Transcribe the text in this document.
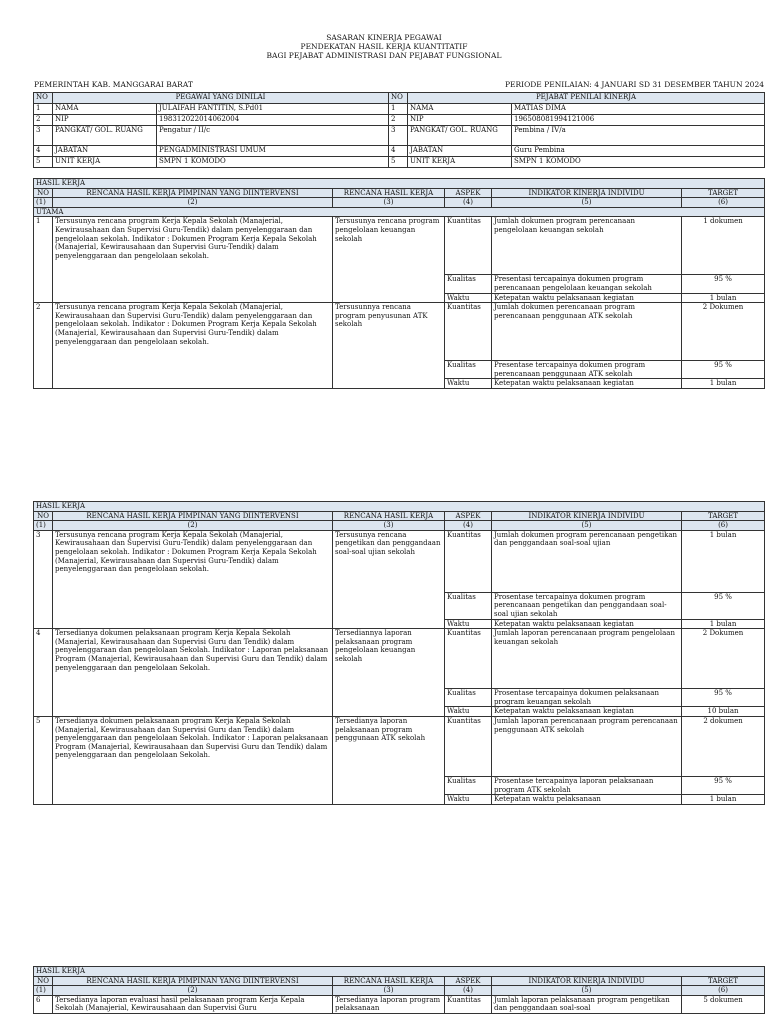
SASARAN KINERJA PEGAWAI
PENDEKATAN HASIL KERJA KUANTITATIF
BAGI PEJABAT ADMINISTRASI DAN PEJABAT FUNGSIONAL
PEMERINTAH KAB. MANGGARAI BARAT	PERIODE PENILAIAN: 4 JANUARI SD 31 DESEMBER TAHUN 2024
NO	PEGAWAI YANG DINILAI		NO	PEJABAT PENILAI KINERJA	
1	NAMA	JULAIFAH FANTITIN, S.Pd01	1	NAMA	MATIAS DIMA
2	NIP	198312022014062004	2	NIP	196508081994121006
3	PANGKAT/ GOL. RUANG	Pengatur / II/c	3	PANGKAT/ GOL. RUANG	Pembina / IV/a
4	JABATAN	PENGADMINISTRASI UMUM	4	JABATAN	Guru Pembina
5	UNIT KERJA	SMPN 1 KOMODO	5	UNIT KERJA	SMPN 1 KOMODO
HASIL KERJA					
NO	RENCANA HASIL KERJA PIMPINAN YANG DIINTERVENSI	RENCANA HASIL KERJA	ASPEK	INDIKATOR KINERJA INDIVIDU	TARGET
(1)	(2)	(3)	(4)	(5)	(6)
UTAMA					
1	Tersusunya rencana program Kerja Kepala Sekolah (Manajerial, Kewirausahaan dan Supervisi Guru-Tendik) dalam penyelenggaraan dan pengelolaan sekolah. Indikator : Dokumen Program Kerja Kepala Sekolah (Manajerial, Kewirausahaan dan Supervisi Guru-Tendik) dalam penyelenggaraan dan pengelolaan sekolah.	Tersusunya rencana program pengelolaan keuangan sekolah	Kuantitas	Jumlah dokumen program perencanaan pengelolaan keuangan sekolah	1 dokumen
			Kualitas	Presentasi tercapainya dokumen program perencanaan pengelolaan keuangan sekolah	95 %
			Waktu	Ketepatan waktu pelaksanaan kegiatan	1 bulan
2	Tersusunya rencana program Kerja Kepala Sekolah (Manajerial, Kewirausahaan dan Supervisi Guru-Tendik) dalam penyelenggaraan dan pengelolaan sekolah. Indikator : Dokumen Program Kerja Kepala Sekolah (Manajerial, Kewirausahaan dan Supervisi Guru-Tendik) dalam penyelenggaraan dan pengelolaan sekolah.	Tersusunnya rencana program penyusunan ATK sekolah	Kuantitas	Jumlah dokumen perencanaan program perencanaan penggunaan ATK sekolah	2 Dokumen
			Kualitas	Presentase tercapainya dokumen program perencanaan penggunaan ATK sekolah	95 %
			Waktu	Ketepatan waktu pelaksanaan kegiatan	1 bulan
HASIL KERJA					
NO	RENCANA HASIL KERJA PIMPINAN YANG DIINTERVENSI	RENCANA HASIL KERJA	ASPEK	INDIKATOR KINERJA INDIVIDU	TARGET
(1)	(2)	(3)	(4)	(5)	(6)
3	Tersusunya rencana program Kerja Kepala Sekolah (Manajerial, Kewirausahaan dan Supervisi Guru-Tendik) dalam penyelenggaraan dan pengelolaan sekolah. Indikator : Dokumen Program Kerja Kepala Sekolah (Manajerial, Kewirausahaan dan Supervisi Guru-Tendik) dalam penyelenggaraan dan pengelolaan sekolah.	Tersusunya rencana pengetikan dan penggandaan soal-soal ujian sekolah	Kuantitas	Jumlah dokumen program perencanaan pengetikan dan penggandaan soal-soal ujian	1 bulan
			Kualitas	Prosentase tercapainya dokumen program perencanaan pengetikan dan penggandaan soal-soal ujian sekolah	95 %
			Waktu	Ketepatan waktu pelaksanaan kegiatan	1 bulan
4	Tersedianya dokumen pelaksanaan program Kerja Kepala Sekolah (Manajerial, Kewirausahaan dan Supervisi Guru dan Tendik) dalam penyelenggaraan dan pengelolaan Sekolah. Indikator : Laporan pelaksanaan Program (Manajerial, Kewirausahaan dan Supervisi Guru dan Tendik) dalam penyelenggaraan dan pengelolaan Sekolah.	Tersediannya laporan pelaksanaan program pengelolaan keuangan sekolah	Kuantitas	Jumlah laporan perencanaan program pengelolaan keuangan sekolah	2 Dokumen
			Kualitas	Prosentase tercapainya dokumen pelaksanaan program keuangan sekolah	95 %
			Waktu	Ketepatan waktu pelaksanaan kegiatan	10 bulan
5	Tersedianya dokumen pelaksanaan program Kerja Kepala Sekolah (Manajerial, Kewirausahaan dan Supervisi Guru dan Tendik) dalam penyelenggaraan dan pengelolaan Sekolah. Indikator : Laporan pelaksanaan Program (Manajerial, Kewirausahaan dan Supervisi Guru dan Tendik) dalam penyelenggaraan dan pengelolaan Sekolah.	Tersedianya laporan pelaksanaan program penggunaan ATK sekolah	Kuantitas	Jumlah laporan perencanaan program perencanaan penggunaan ATK sekolah	2 dokumen
			Kualitas	Prosentase tercapainya laporan pelaksanaan program ATK sekolah	95 %
			Waktu	Ketepatan waktu pelaksanaan	1 bulan
HASIL KERJA					
NO	RENCANA HASIL KERJA PIMPINAN YANG DIINTERVENSI	RENCANA HASIL KERJA	ASPEK	INDIKATOR KINERJA INDIVIDU	TARGET
(1)	(2)	(3)	(4)	(5)	(6)
6	Tersedianya laporan evaluasi hasil pelaksanaan program Kerja Kepala Sekolah (Manajerial, Kewirausahaan dan Supervisi Guru	Tersedianya laporan program pelaksanaan	Kuantitas	Jumlah laporan pelaksanaan program pengetikan dan penggandaan soal-soal	5 dokumen
